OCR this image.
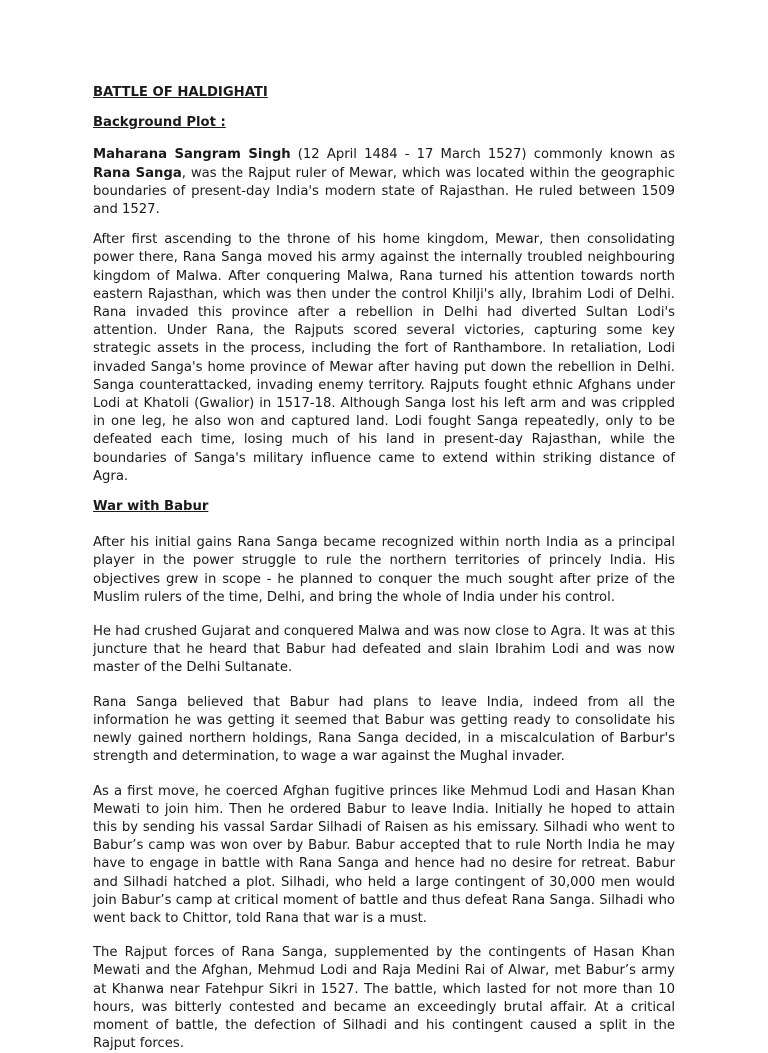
BATTLE OF HALDIGHATI
Background Plot :

Maharana Sangram Singh (12 April 1484 - 17 March 1527) commonly known as Rana Sanga, was the Rajput ruler of Mewar, which was located within the geographic boundaries of present-day India's modern state of Rajasthan. He ruled between 1509 and 1527.

After first ascending to the throne of his home kingdom, Mewar, then consolidating power there, Rana Sanga moved his army against the internally troubled neighbouring kingdom of Malwa. After conquering Malwa, Rana turned his attention towards north eastern Rajasthan, which was then under the control Khilji's ally, Ibrahim Lodi of Delhi. Rana invaded this province after a rebellion in Delhi had diverted Sultan Lodi's attention. Under Rana, the Rajputs scored several victories, capturing some key strategic assets in the process, including the fort of Ranthambore. In retaliation, Lodi invaded Sanga's home province of Mewar after having put down the rebellion in Delhi. Sanga counterattacked, invading enemy territory. Rajputs fought ethnic Afghans under Lodi at Khatoli (Gwalior) in 1517-18. Although Sanga lost his left arm and was crippled in one leg, he also won and captured land. Lodi fought Sanga repeatedly, only to be defeated each time, losing much of his land in present-day Rajasthan, while the boundaries of Sanga's military influence came to extend within striking distance of Agra.

War with Babur

After his initial gains Rana Sanga became recognized within north India as a principal player in the power struggle to rule the northern territories of princely India. His objectives grew in scope - he planned to conquer the much sought after prize of the Muslim rulers of the time, Delhi, and bring the whole of India under his control.

He had crushed Gujarat and conquered Malwa and was now close to Agra. It was at this juncture that he heard that Babur had defeated and slain Ibrahim Lodi and was now master of the Delhi Sultanate.

Rana Sanga believed that Babur had plans to leave India, indeed from all the information he was getting it seemed that Babur was getting ready to consolidate his newly gained northern holdings, Rana Sanga decided, in a miscalculation of Barbur's strength and determination, to wage a war against the Mughal invader.

As a first move, he coerced Afghan fugitive princes like Mehmud Lodi and Hasan Khan Mewati to join him. Then he ordered Babur to leave India. Initially he hoped to attain this by sending his vassal Sardar Silhadi of Raisen as his emissary. Silhadi who went to Babur’s camp was won over by Babur. Babur accepted that to rule North India he may have to engage in battle with Rana Sanga and hence had no desire for retreat. Babur and Silhadi hatched a plot. Silhadi, who held a large contingent of 30,000 men would join Babur’s camp at critical moment of battle and thus defeat Rana Sanga. Silhadi who went back to Chittor, told Rana that war is a must.

The Rajput forces of Rana Sanga, supplemented by the contingents of Hasan Khan Mewati and the Afghan, Mehmud Lodi and Raja Medini Rai of Alwar, met Babur’s army at Khanwa near Fatehpur Sikri in 1527. The battle, which lasted for not more than 10 hours, was bitterly contested and became an exceedingly brutal affair. At a critical moment of battle, the defection of Silhadi and his contingent caused a split in the Rajput forces.
